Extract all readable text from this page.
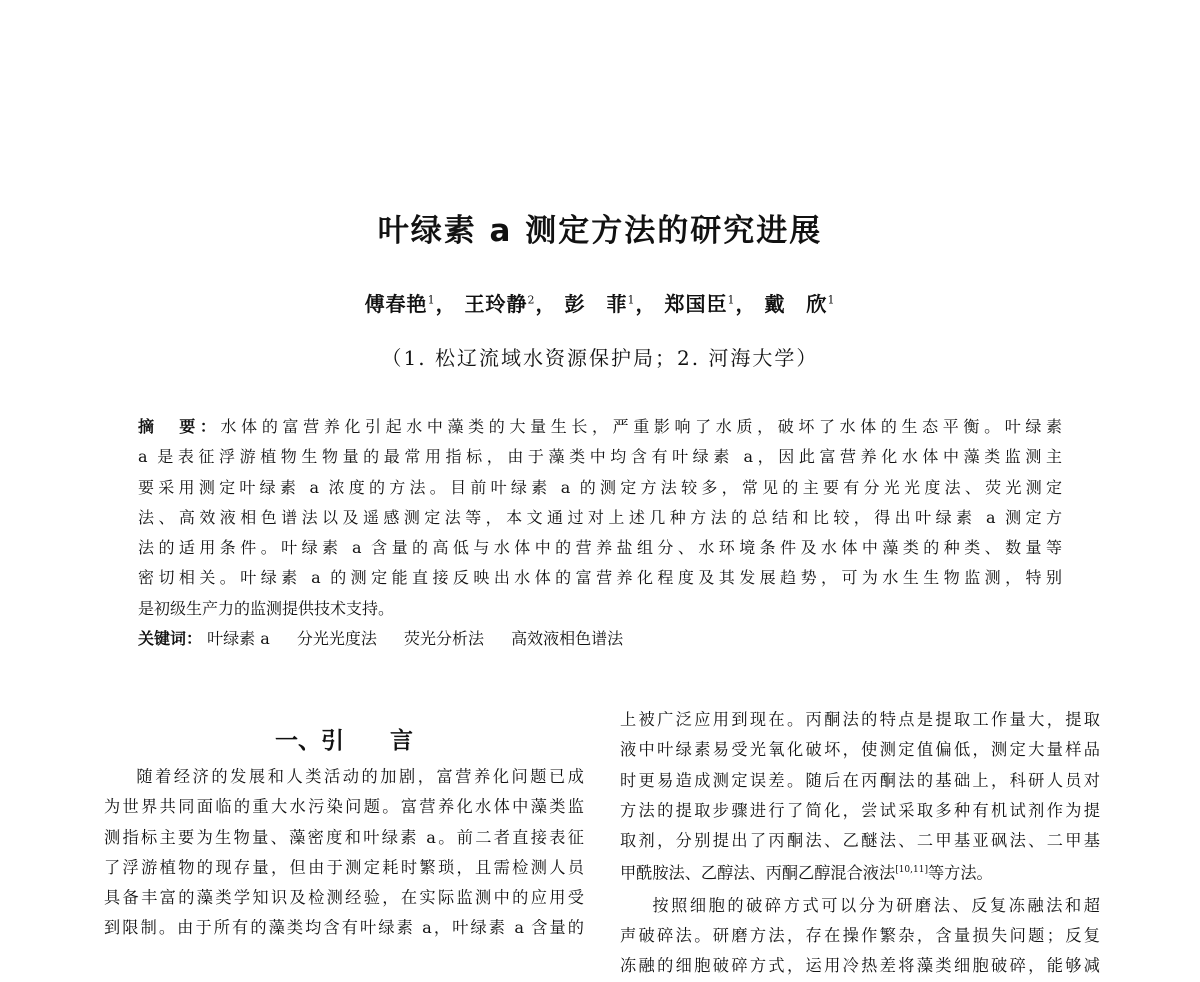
叶绿素 a 测定方法的研究进展
傅春艳$^1$， 王玲静$^2$， 彭　菲$^1$， 郑国臣$^1$， 戴　欣$^1$
（1. 松辽流域水资源保护局；2. 河海大学）
摘　要：水体的富营养化引起水中藻类的大量生长，严重影响了水质，破坏了水体的生态平衡。叶绿素
a 是表征浮游植物生物量的最常用指标，由于藻类中均含有叶绿素 a，因此富营养化水体中藻类监测主
要采用测定叶绿素 a 浓度的方法。目前叶绿素 a 的测定方法较多，常见的主要有分光光度法、荧光测定
法、高效液相色谱法以及遥感测定法等，本文通过对上述几种方法的总结和比较，得出叶绿素 a 测定方
法的适用条件。叶绿素 a 含量的高低与水体中的营养盐组分、水环境条件及水体中藻类的种类、数量等
密切相关。叶绿素 a 的测定能直接反映出水体的富营养化程度及其发展趋势，可为水生生物监测，特别
是初级生产力的监测提供技术支持。
关键词： 叶绿素 a 分光光度法 荧光分析法 高效液相色谱法
一、引　　言
随着经济的发展和人类活动的加剧，富营养化问题已成
为世界共同面临的重大水污染问题。富营养化水体中藻类监
测指标主要为生物量、藻密度和叶绿素 a。前二者直接表征
了浮游植物的现存量，但由于测定耗时繁琐，且需检测人员
具备丰富的藻类学知识及检测经验，在实际监测中的应用受
到限制。由于所有的藻类均含有叶绿素 a，叶绿素 a 含量的
上被广泛应用到现在。丙酮法的特点是提取工作量大，提取
液中叶绿素易受光氧化破坏，使测定值偏低，测定大量样品
时更易造成测定误差。随后在丙酮法的基础上，科研人员对
方法的提取步骤进行了简化，尝试采取多种有机试剂作为提
取剂，分别提出了丙酮法、乙醚法、二甲基亚砜法、二甲基
甲酰胺法、乙醇法、丙酮乙醇混合液法[10,11]等方法。
按照细胞的破碎方式可以分为研磨法、反复冻融法和超
声破碎法。研磨方法，存在操作繁杂，含量损失问题；反复
冻融的细胞破碎方式，运用冷热差将藻类细胞破碎，能够减
